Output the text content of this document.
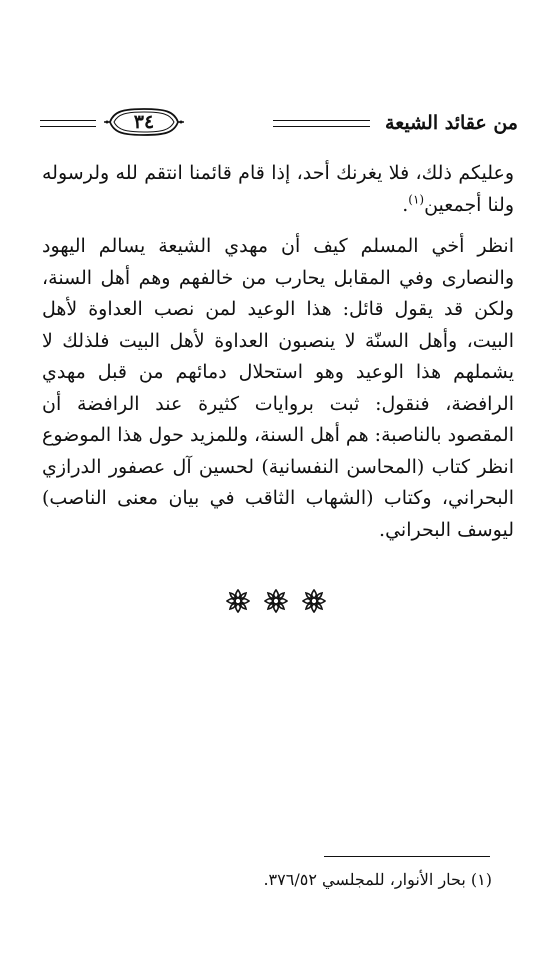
من عقائد الشيعة
٣٤

وعليكم ذلك، فلا يغرنك أحد، إذا قام قائمنا انتقم لله ولرسوله ولنا أجمعين$^{(١)}$.

انظر أخي المسلم كيف أن مهدي الشيعة يسالم اليهود والنصارى وفي المقابل يحارب من خالفهم وهم أهل السنة، ولكن قد يقول قائل: هذا الوعيد لمن نصب العداوة لأهل البيت، وأهل السنّة لا ينصبون العداوة لأهل البيت فلذلك لا يشملهم هذا الوعيد وهو استحلال دمائهم من قبل مهدي الرافضة، فنقول: ثبت بروايات كثيرة عند الرافضة أن المقصود بالناصبة: هم أهل السنة، وللمزيد حول هذا الموضوع انظر كتاب (المحاسن النفسانية) لحسين آل عصفور الدرازي البحراني، وكتاب (الشهاب الثاقب في بيان معنى الناصب) ليوسف البحراني.

(١) بحار الأنوار، للمجلسي ٣٧٦/٥٢.
